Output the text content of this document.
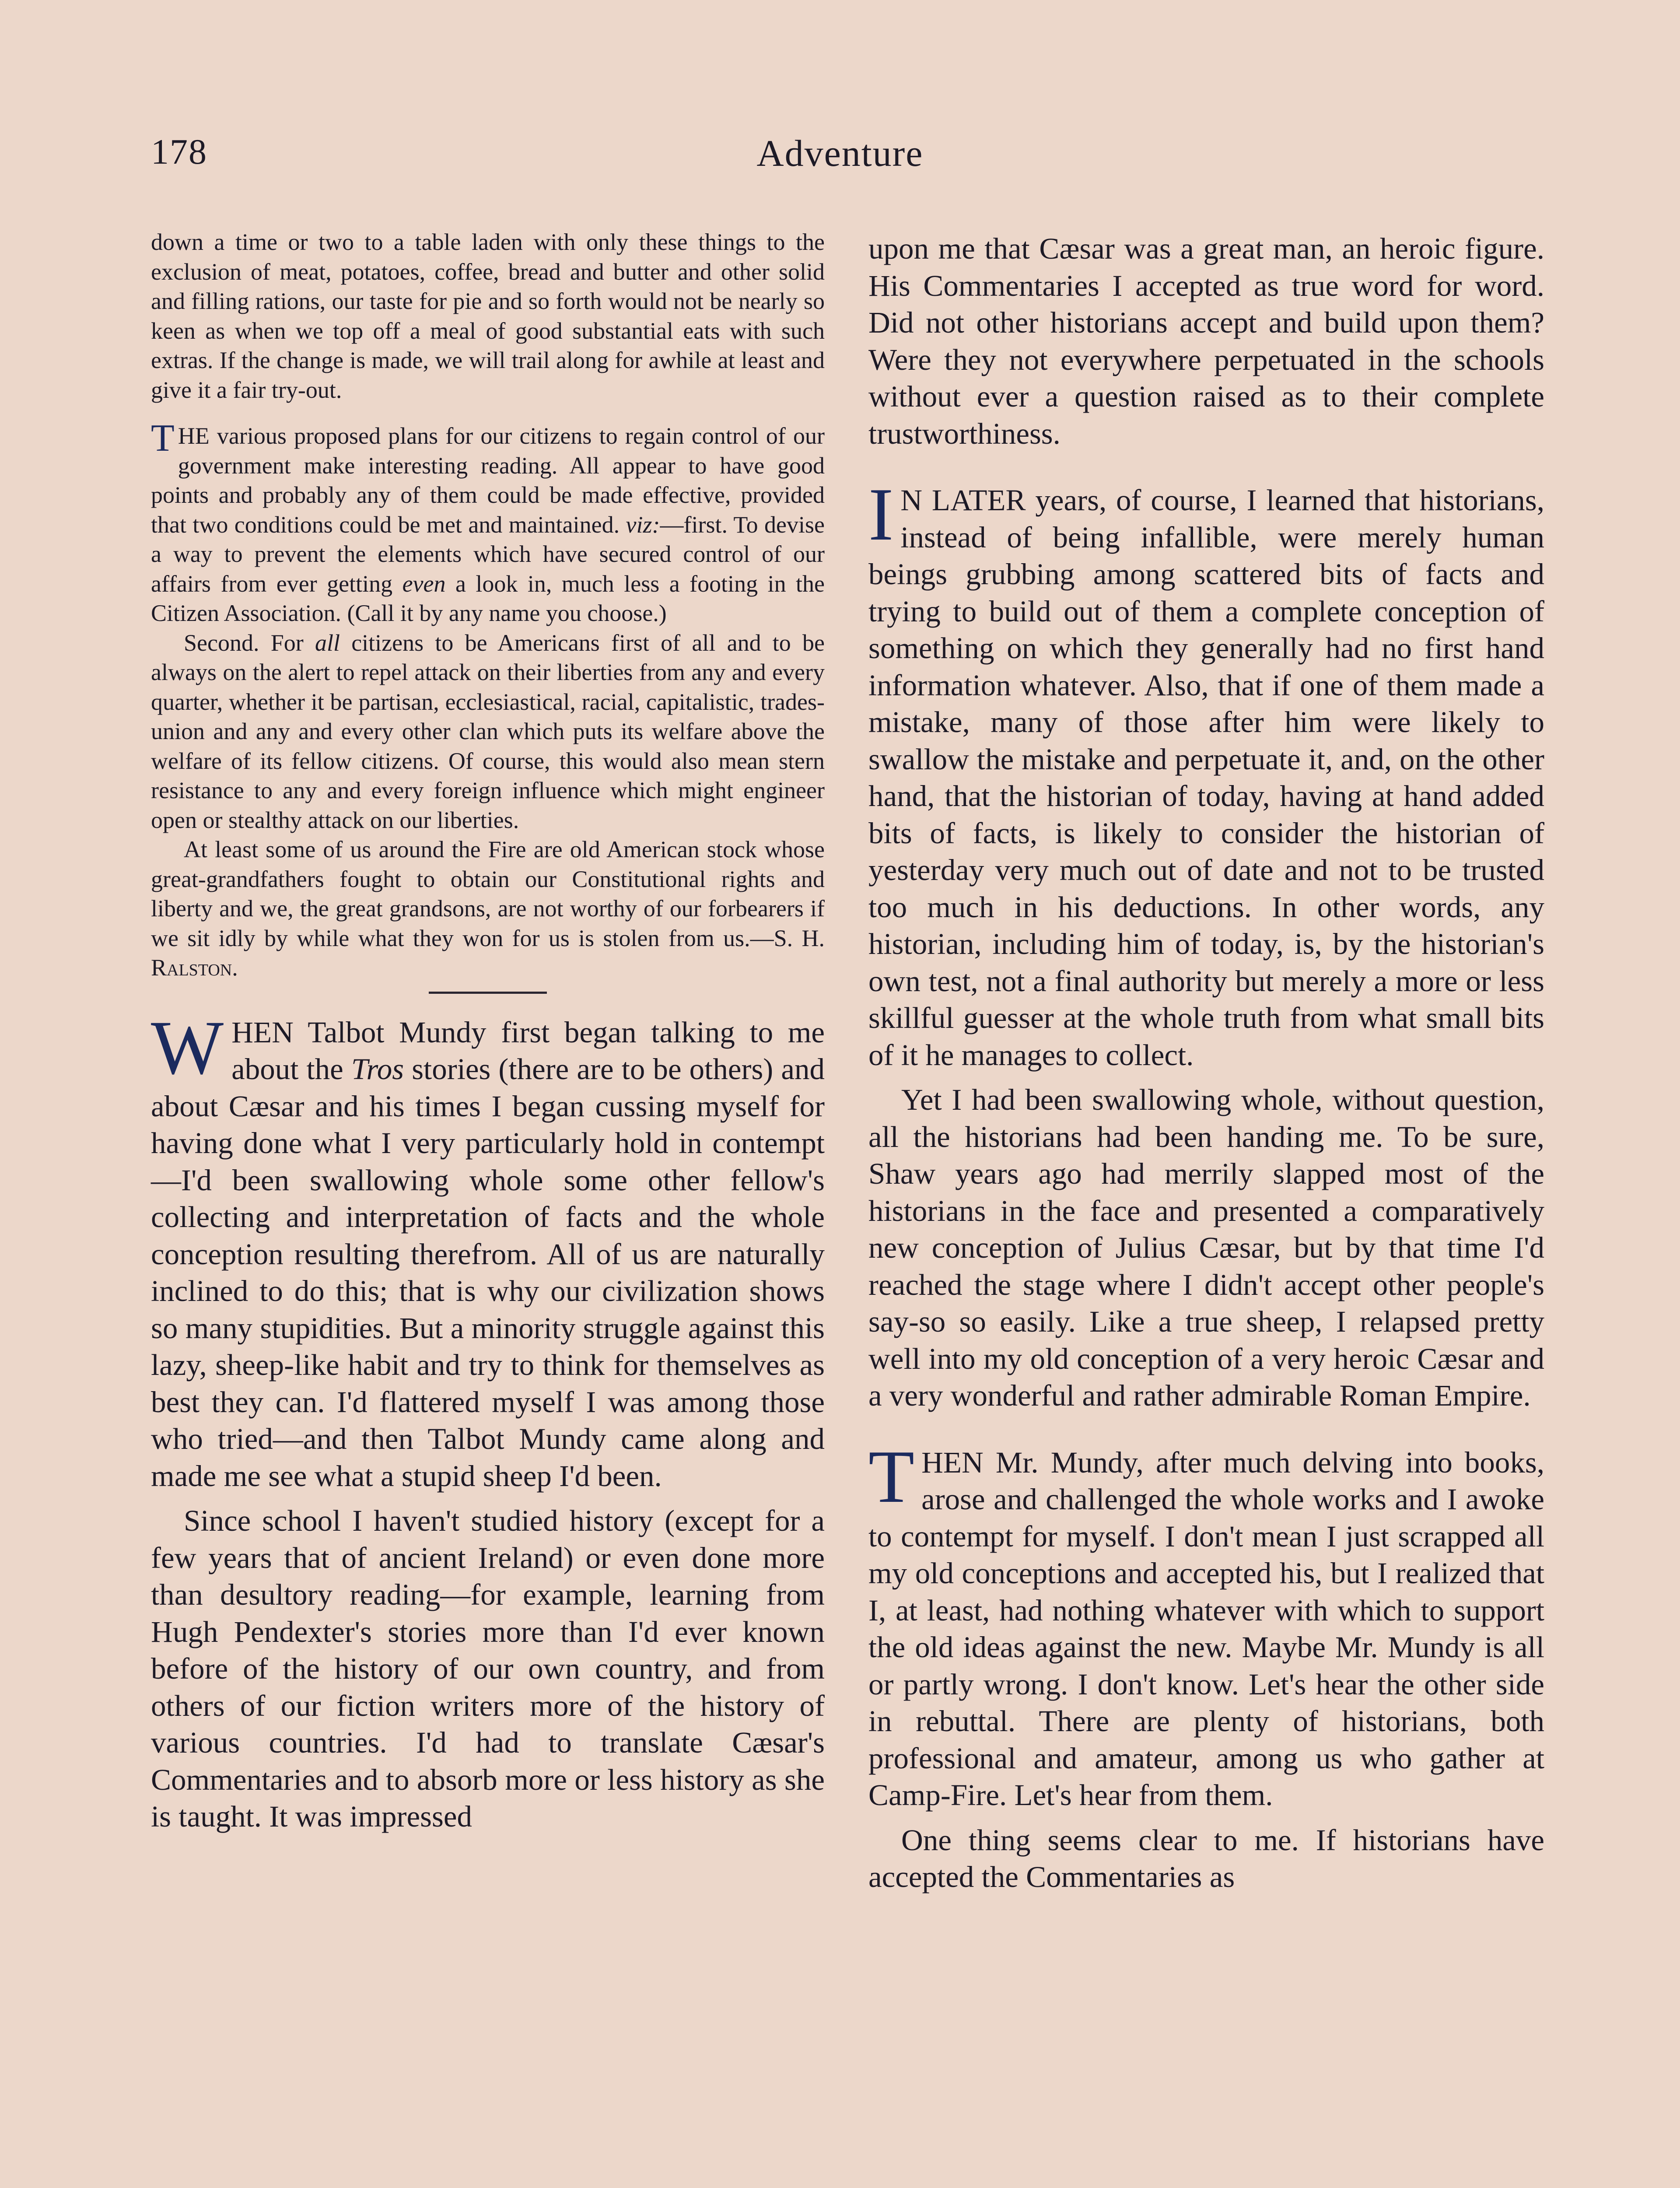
178	Adventure

down a time or two to a table laden with only these things to the exclusion of meat, potatoes, coffee, bread and butter and other solid and filling rations, our taste for pie and so forth would not be nearly so keen as when we top off a meal of good substantial eats with such extras. If the change is made, we will trail along for awhile at least and give it a fair try-out.

THE various proposed plans for our citizens to regain control of our government make interesting reading. All appear to have good points and probably any of them could be made effective, provided that two conditions could be met and maintained. viz:—first. To devise a way to prevent the elements which have secured control of our affairs from ever getting even a look in, much less a footing in the Citizen Association. (Call it by any name you choose.)

Second. For all citizens to be Americans first of all and to be always on the alert to repel attack on their liberties from any and every quarter, whether it be partisan, ecclesiastical, racial, capitalistic, trades-union and any and every other clan which puts its welfare above the welfare of its fellow citizens. Of course, this would also mean stern resistance to any and every foreign influence which might engineer open or stealthy attack on our liberties.

At least some of us around the Fire are old American stock whose great-grandfathers fought to obtain our Constitutional rights and liberty and we, the great grandsons, are not worthy of our forbearers if we sit idly by while what they won for us is stolen from us.—S. H. Ralston.

WHEN Talbot Mundy first began talking to me about the Tros stories (there are to be others) and about Cæsar and his times I began cussing myself for having done what I very particularly hold in contempt—I'd been swallowing whole some other fellow's collecting and interpretation of facts and the whole conception resulting therefrom. All of us are naturally inclined to do this; that is why our civilization shows so many stupidities. But a minority struggle against this lazy, sheep-like habit and try to think for themselves as best they can. I'd flattered myself I was among those who tried—and then Talbot Mundy came along and made me see what a stupid sheep I'd been.

Since school I haven't studied history (except for a few years that of ancient Ireland) or even done more than desultory reading—for example, learning from Hugh Pendexter's stories more than I'd ever known before of the history of our own country, and from others of our fiction writers more of the history of various countries. I'd had to translate Cæsar's Commentaries and to absorb more or less history as she is taught. It was impressed

upon me that Cæsar was a great man, an heroic figure. His Commentaries I accepted as true word for word. Did not other historians accept and build upon them? Were they not everywhere perpetuated in the schools without ever a question raised as to their complete trustworthiness.

IN LATER years, of course, I learned that historians, instead of being infallible, were merely human beings grubbing among scattered bits of facts and trying to build out of them a complete conception of something on which they generally had no first hand information whatever. Also, that if one of them made a mistake, many of those after him were likely to swallow the mistake and perpetuate it, and, on the other hand, that the historian of today, having at hand added bits of facts, is likely to consider the historian of yesterday very much out of date and not to be trusted too much in his deductions. In other words, any historian, including him of today, is, by the historian's own test, not a final authority but merely a more or less skillful guesser at the whole truth from what small bits of it he manages to collect.

Yet I had been swallowing whole, without question, all the historians had been handing me. To be sure, Shaw years ago had merrily slapped most of the historians in the face and presented a comparatively new conception of Julius Cæsar, but by that time I'd reached the stage where I didn't accept other people's say-so so easily. Like a true sheep, I relapsed pretty well into my old conception of a very heroic Cæsar and a very wonderful and rather admirable Roman Empire.

THEN Mr. Mundy, after much delving into books, arose and challenged the whole works and I awoke to contempt for myself. I don't mean I just scrapped all my old conceptions and accepted his, but I realized that I, at least, had nothing whatever with which to support the old ideas against the new. Maybe Mr. Mundy is all or partly wrong. I don't know. Let's hear the other side in rebuttal. There are plenty of historians, both professional and amateur, among us who gather at Camp-Fire. Let's hear from them.

One thing seems clear to me. If historians have accepted the Commentaries as
